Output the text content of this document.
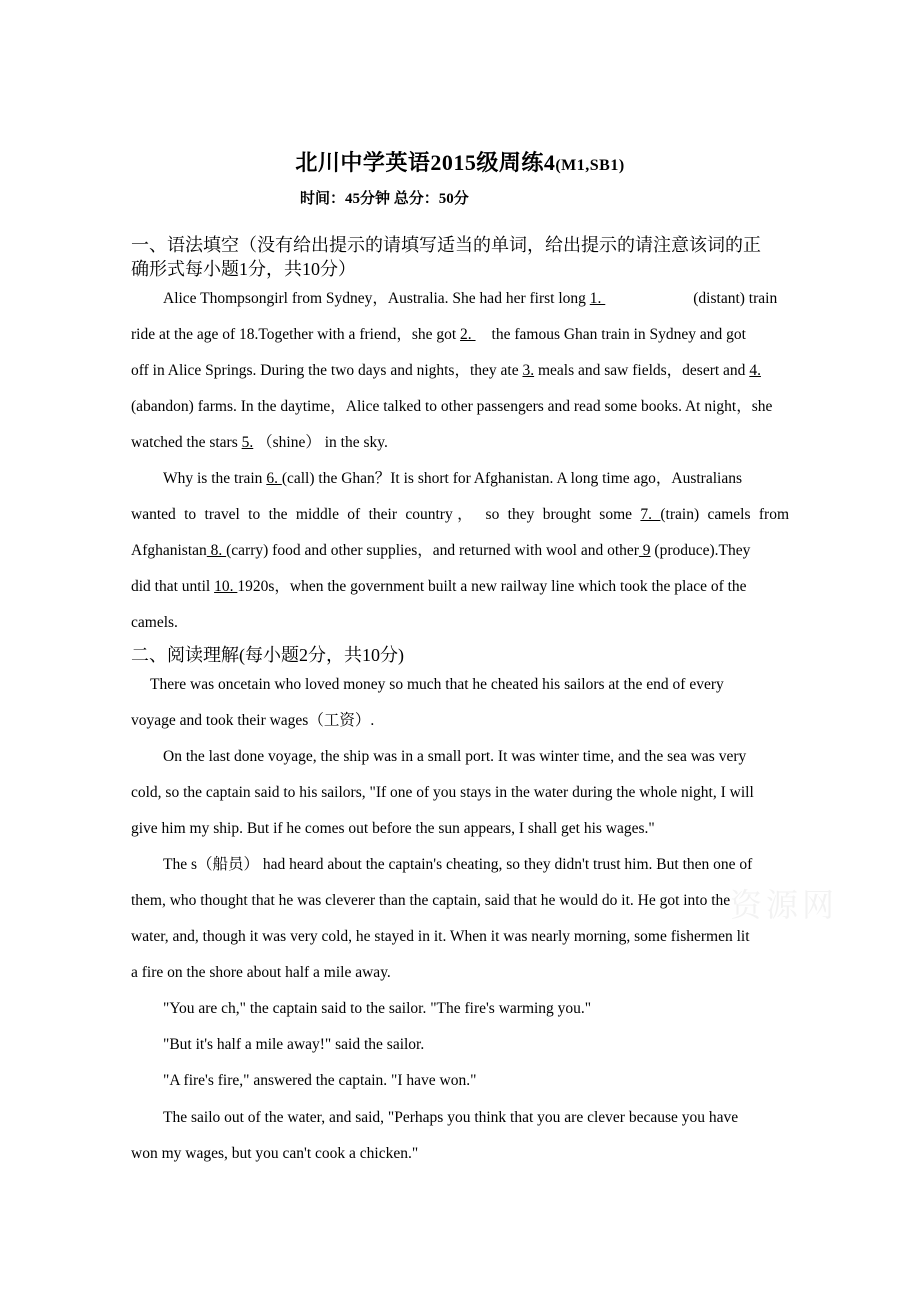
北川中学英语2015级周练4(M1,SB1)
时间：45分钟 总分：50分
一、语法填空（没有给出提示的请填写适当的单词，给出提示的请注意该词的正
确形式每小题1分，共10分）
Alice Thompsongirl from Sydney，Australia. She had her first long 1.	(distant) train
ride at the age of 18.Together with a friend，she got 2. the famous Ghan train in Sydney and got
off in Alice Springs. During the two days and nights，they ate 3. meals and saw fields，desert and 4.
(abandon) farms. In the daytime，Alice talked to other passengers and read some books. At night，she
watched the stars 5. （shine） in the sky.
Why is the train 6. (call) the Ghan？It is short for Afghanistan. A long time ago，Australians
wanted to travel to the middle of their country， so they brought some 7. (train) camels from
Afghanistan 8. (carry) food and other supplies，and returned with wool and other 9 (produce).They
did that until 10. 1920s，when the government built a new railway line which took the place of the
camels.
二、阅读理解(每小题2分，共10分)
There was oncetain who loved money so much that he cheated his sailors at the end of every
voyage and took their wages（工资）.
On the last done voyage, the ship was in a small port. It was winter time, and the sea was very
cold, so the captain said to his sailors, "If one of you stays in the water during the whole night, I will
give him my ship. But if he comes out before the sun appears, I shall get his wages."
The s（船员） had heard about the captain's cheating, so they didn't trust him. But then one of
them, who thought that he was cleverer than the captain, said that he would do it. He got into the
water, and, though it was very cold, he stayed in it. When it was nearly morning, some fishermen lit
a fire on the shore about half a mile away.
"You are ch," the captain said to the sailor. "The fire's warming you."
"But it's half a mile away!" said the sailor.
"A fire's fire," answered the captain. "I have won."
The sailo out of the water, and said, "Perhaps you think that you are clever because you have
won my wages, but you can't cook a chicken."
资源网
